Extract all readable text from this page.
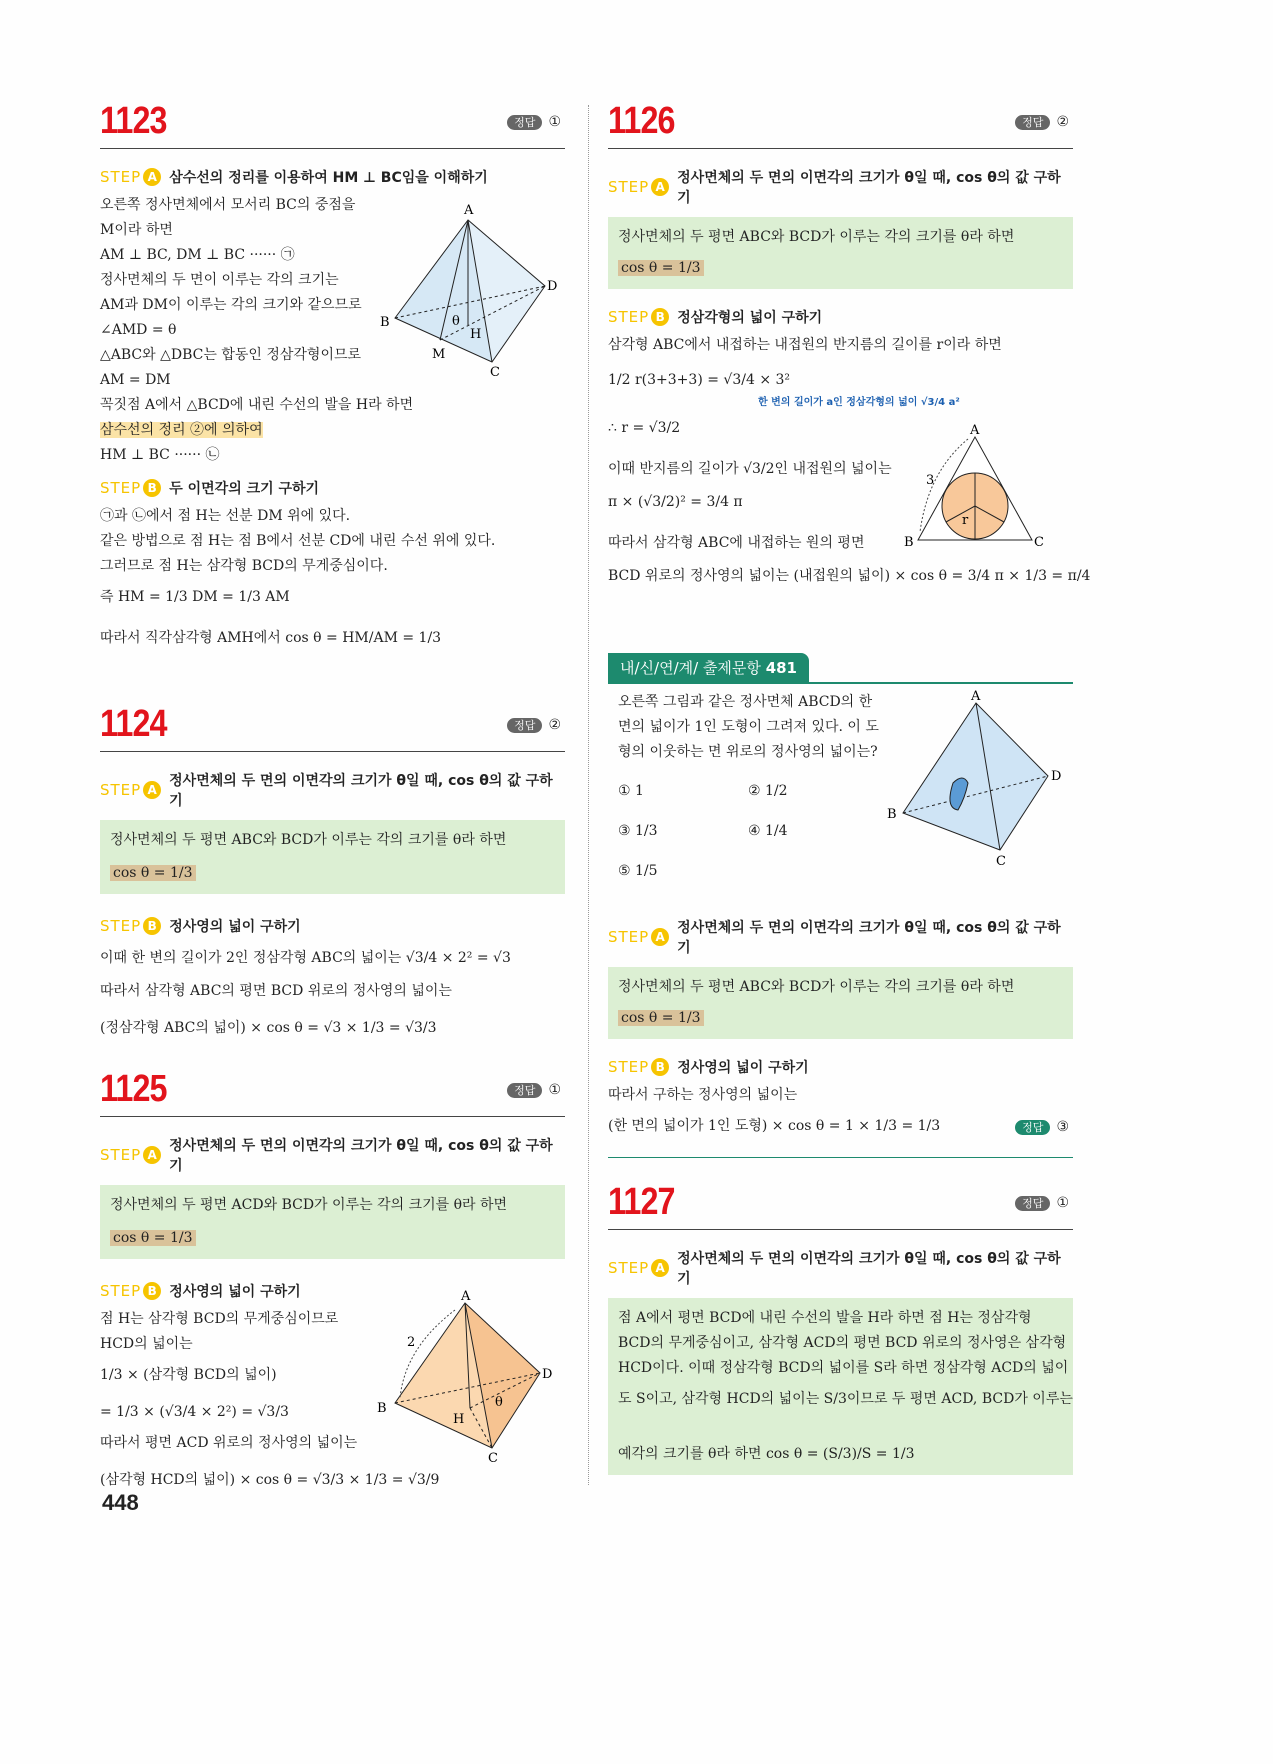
1123	정답 ①
STEP A 삼수선의 정리를 이용하여 HM ⊥ BC임을 이해하기
오른쪽 정사면체에서 모서리 BC의 중점을
M이라 하면
AM ⊥ BC, DM ⊥ BC ······ ㉠
정사면체의 두 면이 이루는 각의 크기는
AM과 DM이 이루는 각의 크기와 같으므로
∠AMD = θ
△ABC와 △DBC는 합동인 정삼각형이므로
AM = DM
꼭짓점 A에서 △BCD에 내린 수선의 발을 H라 하면
삼수선의 정리 ②에 의하여
HM ⊥ BC ······ ㉡
STEP B 두 이면각의 크기 구하기
㉠과 ㉡에서 점 H는 선분 DM 위에 있다.
같은 방법으로 점 H는 점 B에서 선분 CD에 내린 수선 위에 있다.
그러므로 점 H는 삼각형 BCD의 무게중심이다.
즉 HM = 1/3 DM = 1/3 AM
따라서 직각삼각형 AMH에서 cos θ = HM/AM = 1/3
A
B
C
D
M
H
θ
1124	정답 ②
STEP A
정사면체의 두 면의 이면각의 크기가 θ일 때, cos θ의 값 구하기
정사면체의 두 평면 ABC와 BCD가 이루는 각의 크기를 θ라 하면
cos θ = 1/3
STEP B 정사영의 넓이 구하기
이때 한 변의 길이가 2인 정삼각형 ABC의 넓이는 √3/4 × 2² = √3
따라서 삼각형 ABC의 평면 BCD 위로의 정사영의 넓이는
(정삼각형 ABC의 넓이) × cos θ = √3 × 1/3 = √3/3
1125	정답 ①
STEP A
정사면체의 두 면의 이면각의 크기가 θ일 때, cos θ의 값 구하기
정사면체의 두 평면 ACD와 BCD가 이루는 각의 크기를 θ라 하면
cos θ = 1/3
STEP B 정사영의 넓이 구하기
점 H는 삼각형 BCD의 무게중심이므로
HCD의 넓이는
1/3 × (삼각형 BCD의 넓이)
= 1/3 × (√3/4 × 2²) = √3/3
따라서 평면 ACD 위로의 정사영의 넓이는
(삼각형 HCD의 넓이) × cos θ = √3/3 × 1/3 = √3/9
A
B
C
D
H
θ
2
448
1126	정답 ②
STEP A
정사면체의 두 면의 이면각의 크기가 θ일 때, cos θ의 값 구하기
정사면체의 두 평면 ABC와 BCD가 이루는 각의 크기를 θ라 하면
cos θ = 1/3
STEP B 정삼각형의 넓이 구하기
삼각형 ABC에서 내접하는 내접원의 반지름의 길이를 r이라 하면
1/2 r(3+3+3) = √3/4 × 3²
한 변의 길이가 a인 정삼각형의 넓이 √3/4 a²
∴ r = √3/2
이때 반지름의 길이가 √3/2인 내접원의 넓이는
π × (√3/2)² = 3/4 π
따라서 삼각형 ABC에 내접하는 원의 평면
BCD 위로의 정사영의 넓이는 (내접원의 넓이) × cos θ = 3/4 π × 1/3 = π/4
A
B	C
3
r
내/신/연/계/ 출제문항 481
오른쪽 그림과 같은 정사면체 ABCD의 한
면의 넓이가 1인 도형이 그려져 있다. 이 도
형의 이웃하는 면 위로의 정사영의 넓이는?
① 1	② 1/2
③ 1/3	④ 1/4
⑤ 1/5
A
B
C
D
STEP A
정사면체의 두 면의 이면각의 크기가 θ일 때, cos θ의 값 구하기
정사면체의 두 평면 ABC와 BCD가 이루는 각의 크기를 θ라 하면
cos θ = 1/3
STEP B 정사영의 넓이 구하기
따라서 구하는 정사영의 넓이는
(한 면의 넓이가 1인 도형) × cos θ = 1 × 1/3 = 1/3	정답 ③
1127	정답 ①
STEP A
정사면체의 두 면의 이면각의 크기가 θ일 때, cos θ의 값 구하기
점 A에서 평면 BCD에 내린 수선의 발을 H라 하면 점 H는 정삼각형
BCD의 무게중심이고, 삼각형 ACD의 평면 BCD 위로의 정사영은 삼각형
HCD이다. 이때 정삼각형 BCD의 넓이를 S라 하면 정삼각형 ACD의 넓이
도 S이고, 삼각형 HCD의 넓이는 S/3이므로 두 평면 ACD, BCD가 이루는
예각의 크기를 θ라 하면 cos θ = (S/3)/S = 1/3
